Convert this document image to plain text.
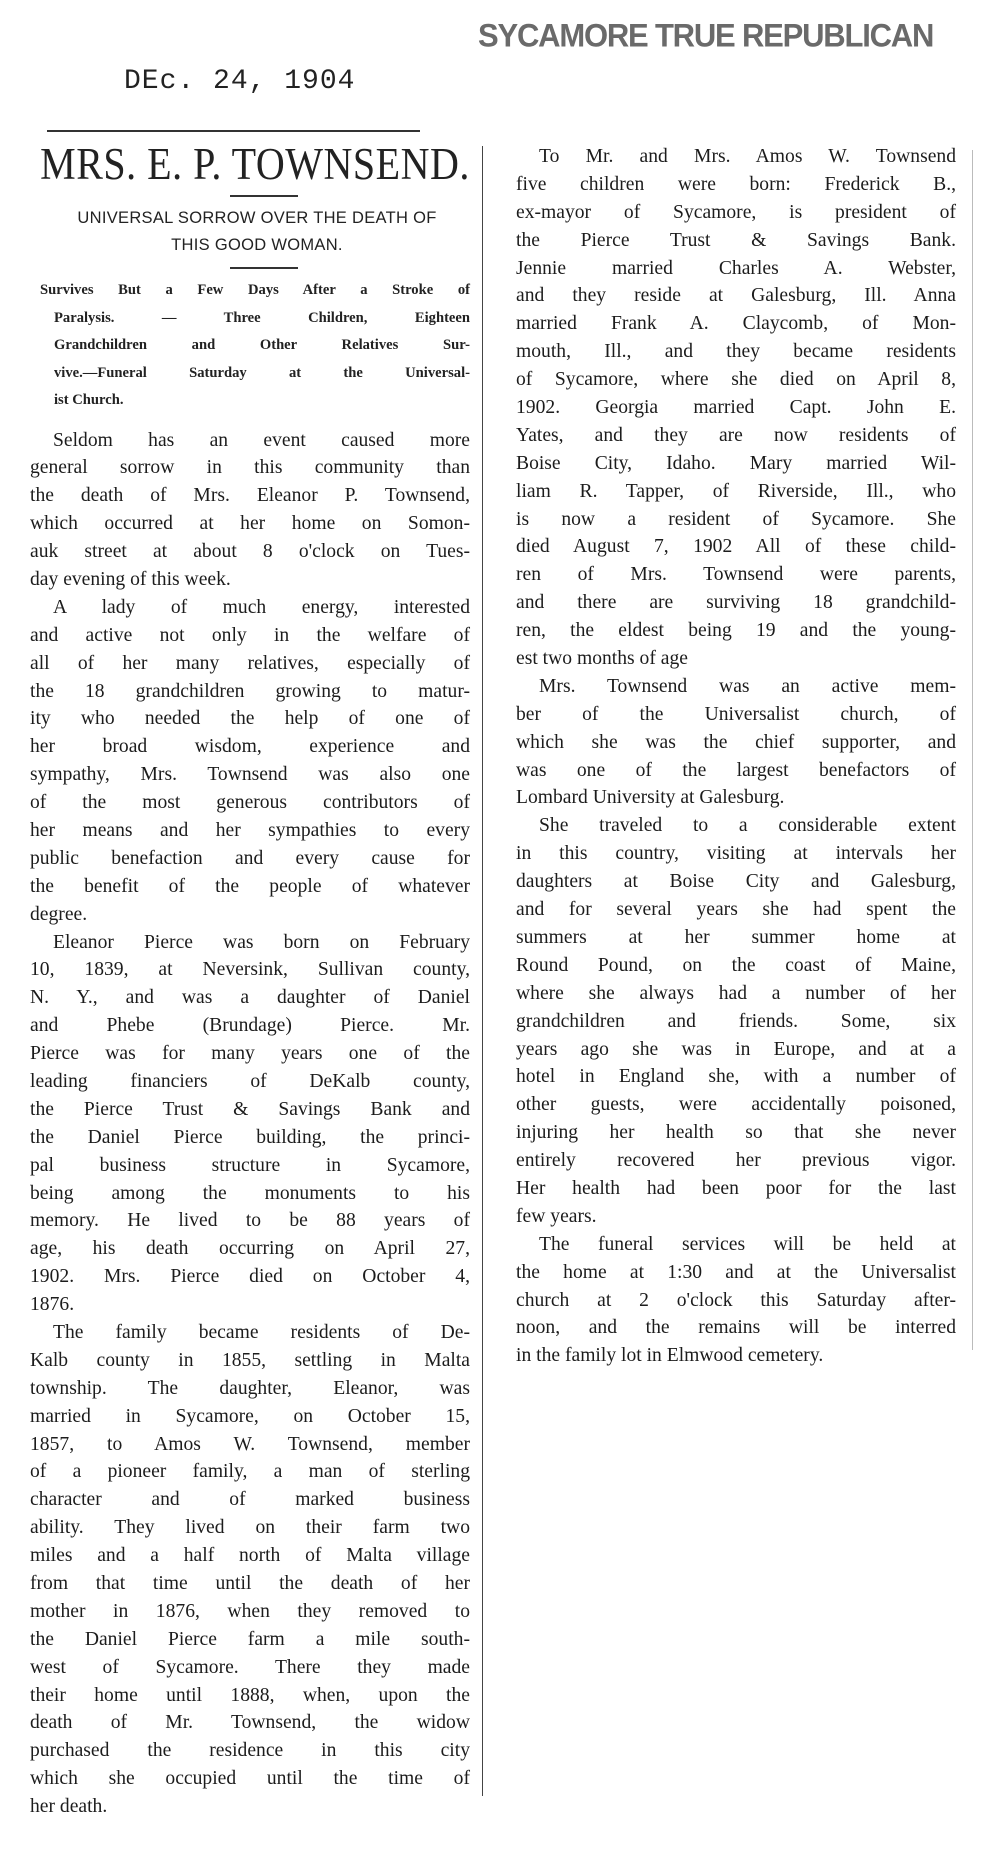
SYCAMORE TRUE REPUBLICAN
DEc. 24, 1904
MRS. E. P. TOWNSEND.
UNIVERSAL SORROW OVER THE DEATH OF
THIS GOOD WOMAN.
Survives But a Few Days After a Stroke of
Paralysis. — Three Children, Eighteen
Grandchildren and Other Relatives Sur-
vive.—Funeral Saturday at the Universal-
ist Church.
Seldom has an event caused more
general sorrow in this community than
the death of Mrs. Eleanor P. Townsend,
which occurred at her home on Somon-
auk street at about 8 o'clock on Tues-
day evening of this week.
A lady of much energy, interested
and active not only in the welfare of
all of her many relatives, especially of
the 18 grandchildren growing to matur-
ity who needed the help of one of
her broad wisdom, experience and
sympathy, Mrs. Townsend was also one
of the most generous contributors of
her means and her sympathies to every
public benefaction and every cause for
the benefit of the people of whatever
degree.
Eleanor Pierce was born on February
10, 1839, at Neversink, Sullivan county,
N. Y., and was a daughter of Daniel
and Phebe (Brundage) Pierce. Mr.
Pierce was for many years one of the
leading financiers of DeKalb county,
the Pierce Trust & Savings Bank and
the Daniel Pierce building, the princi-
pal business structure in Sycamore,
being among the monuments to his
memory. He lived to be 88 years of
age, his death occurring on April 27,
1902. Mrs. Pierce died on October 4,
1876.
The family became residents of De-
Kalb county in 1855, settling in Malta
township. The daughter, Eleanor, was
married in Sycamore, on October 15,
1857, to Amos W. Townsend, member
of a pioneer family, a man of sterling
character and of marked business
ability. They lived on their farm two
miles and a half north of Malta village
from that time until the death of her
mother in 1876, when they removed to
the Daniel Pierce farm a mile south-
west of Sycamore. There they made
their home until 1888, when, upon the
death of Mr. Townsend, the widow
purchased the residence in this city
which she occupied until the time of
her death.
To Mr. and Mrs. Amos W. Townsend
five children were born: Frederick B.,
ex-mayor of Sycamore, is president of
the Pierce Trust & Savings Bank.
Jennie married Charles A. Webster,
and they reside at Galesburg, Ill. Anna
married Frank A. Claycomb, of Mon-
mouth, Ill., and they became residents
of Sycamore, where she died on April 8,
1902. Georgia married Capt. John E.
Yates, and they are now residents of
Boise City, Idaho. Mary married Wil-
liam R. Tapper, of Riverside, Ill., who
is now a resident of Sycamore. She
died August 7, 1902 All of these child-
ren of Mrs. Townsend were parents,
and there are surviving 18 grandchild-
ren, the eldest being 19 and the young-
est two months of age
Mrs. Townsend was an active mem-
ber of the Universalist church, of
which she was the chief supporter, and
was one of the largest benefactors of
Lombard University at Galesburg.
She traveled to a considerable extent
in this country, visiting at intervals her
daughters at Boise City and Galesburg,
and for several years she had spent the
summers at her summer home at
Round Pound, on the coast of Maine,
where she always had a number of her
grandchildren and friends. Some, six
years ago she was in Europe, and at a
hotel in England she, with a number of
other guests, were accidentally poisoned,
injuring her health so that she never
entirely recovered her previous vigor.
Her health had been poor for the last
few years.
The funeral services will be held at
the home at 1:30 and at the Universalist
church at 2 o'clock this Saturday after-
noon, and the remains will be interred
in the family lot in Elmwood cemetery.
